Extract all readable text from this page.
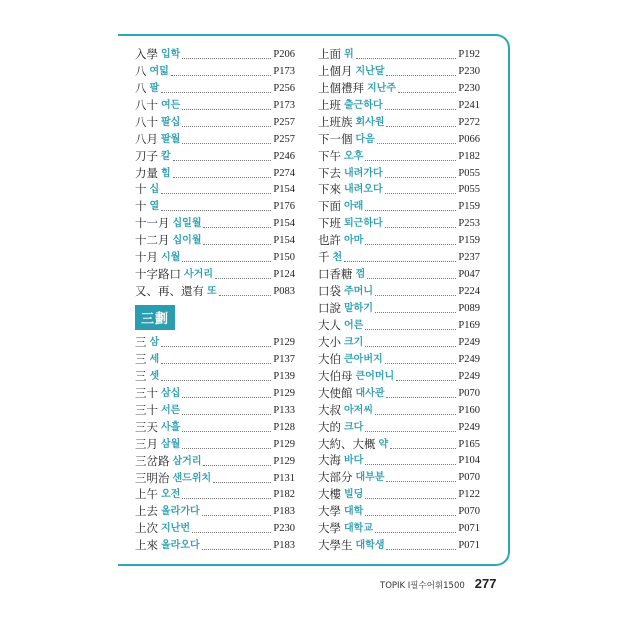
入學 입학	P206
八 여덟	P173
八 팔	P256
八十 여든	P173
八十 팔십	P257
八月 팔월	P257
刀子 칼	P246
力量 힘	P274
十 십	P154
十 열	P176
十一月 십일월	P154
十二月 십이월	P154
十月 시월	P150
十字路口 사거리	P124
又、再、還有 또	P083
三劃
三 삼	P129
三 세	P137
三 셋	P139
三十 삼십	P129
三十 서른	P133
三天 사흘	P128
三月 삼월	P129
三岔路 삼거리	P129
三明治 샌드위치	P131
上午 오전	P182
上去 올라가다	P183
上次 지난번	P230
上來 올라오다	P183
上面 위	P192
上個月 지난달	P230
上個禮拜 지난주	P230
上班 출근하다	P241
上班族 회사원	P272
下一個 다음	P066
下午 오후	P182
下去 내려가다	P055
下來 내려오다	P055
下面 아래	P159
下班 퇴근하다	P253
也許 아마	P159
千 천	P237
口香糖 껌	P047
口袋 주머니	P224
口說 말하기	P089
大人 어른	P169
大小 크기	P249
大伯 큰아버지	P249
大伯母 큰어머니	P249
大使館 대사관	P070
大叔 아저씨	P160
大的 크다	P249
大約、大概 약	P165
大海 바다	P104
大部分 대부분	P070
大樓 빌딩	P122
大學 대학	P070
大學 대학교	P071
大學生 대학생	P071
TOPIK I필수어휘1500 277
